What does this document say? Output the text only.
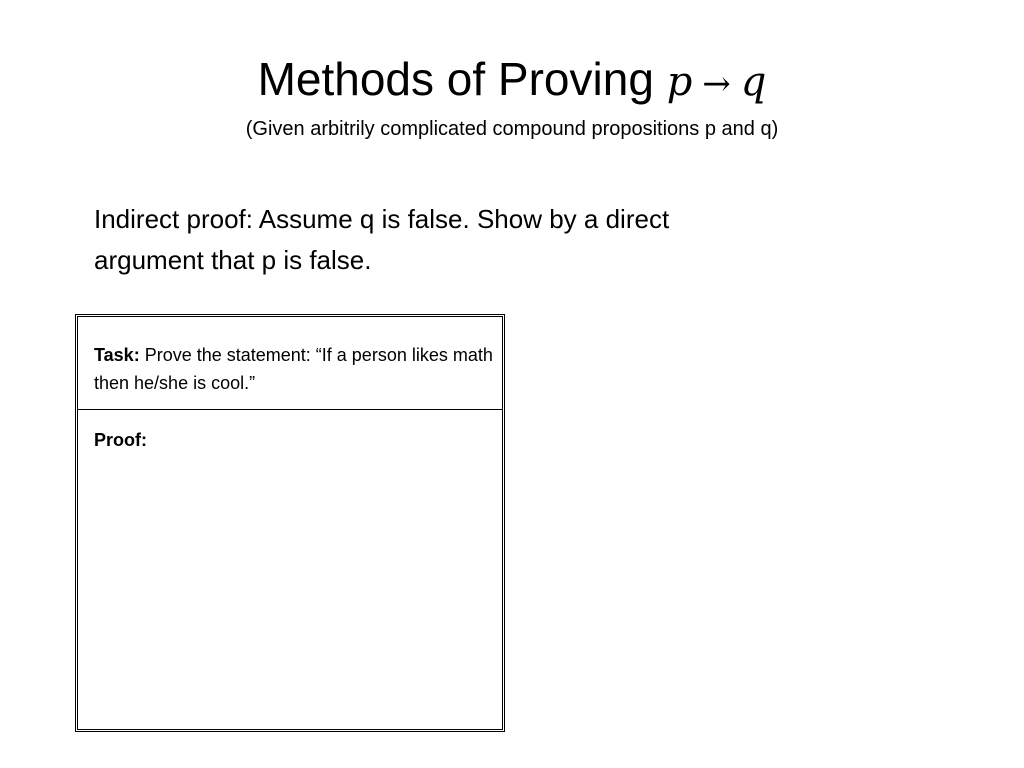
Methods of Proving p → q
(Given arbitrily complicated compound propositions p and q)
Indirect proof: Assume q is false. Show by a direct
argument that p is false.
Task: Prove the statement: “If a person likes math then he/she is cool.”
Proof:
